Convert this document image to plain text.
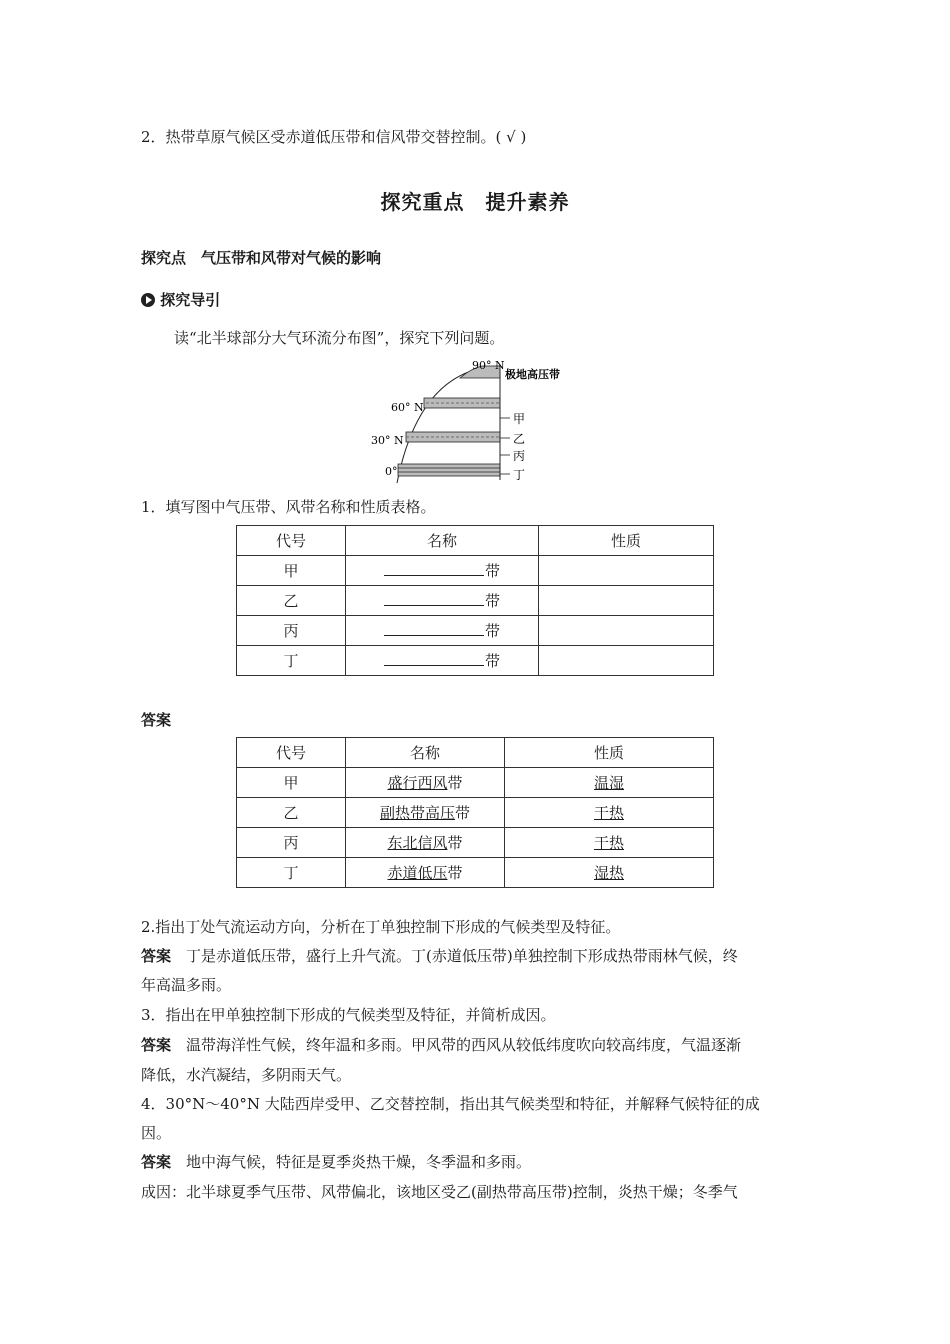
2．热带草原气候区受赤道低压带和信风带交替控制。( √ )
探究重点　提升素养
探究点　气压带和风带对气候的影响
探究导引
读“北半球部分大气环流分布图”，探究下列问题。
90° N
60° N
30° N
0°
极地高压带
甲
乙
丙
丁
1．填写图中气压带、风带名称和性质表格。
代号	名称	性质
甲	带	
乙	带	
丙	带	
丁	带	
答案
代号	名称	性质
甲	盛行西风带	温湿
乙	副热带高压带	干热
丙	东北信风带	干热
丁	赤道低压带	湿热
2.指出丁处气流运动方向，分析在丁单独控制下形成的气候类型及特征。
答案　 丁是赤道低压带，盛行上升气流。丁(赤道低压带)单独控制下形成热带雨林气候，终
年高温多雨。
3．指出在甲单独控制下形成的气候类型及特征，并简析成因。
答案　 温带海洋性气候，终年温和多雨。甲风带的西风从较低纬度吹向较高纬度，气温逐渐
降低，水汽凝结，多阴雨天气。
4．30°N～40°N 大陆西岸受甲、乙交替控制，指出其气候类型和特征，并解释气候特征的成
因。
答案　 地中海气候，特征是夏季炎热干燥，冬季温和多雨。
成因：北半球夏季气压带、风带偏北，该地区受乙(副热带高压带)控制，炎热干燥；冬季气
